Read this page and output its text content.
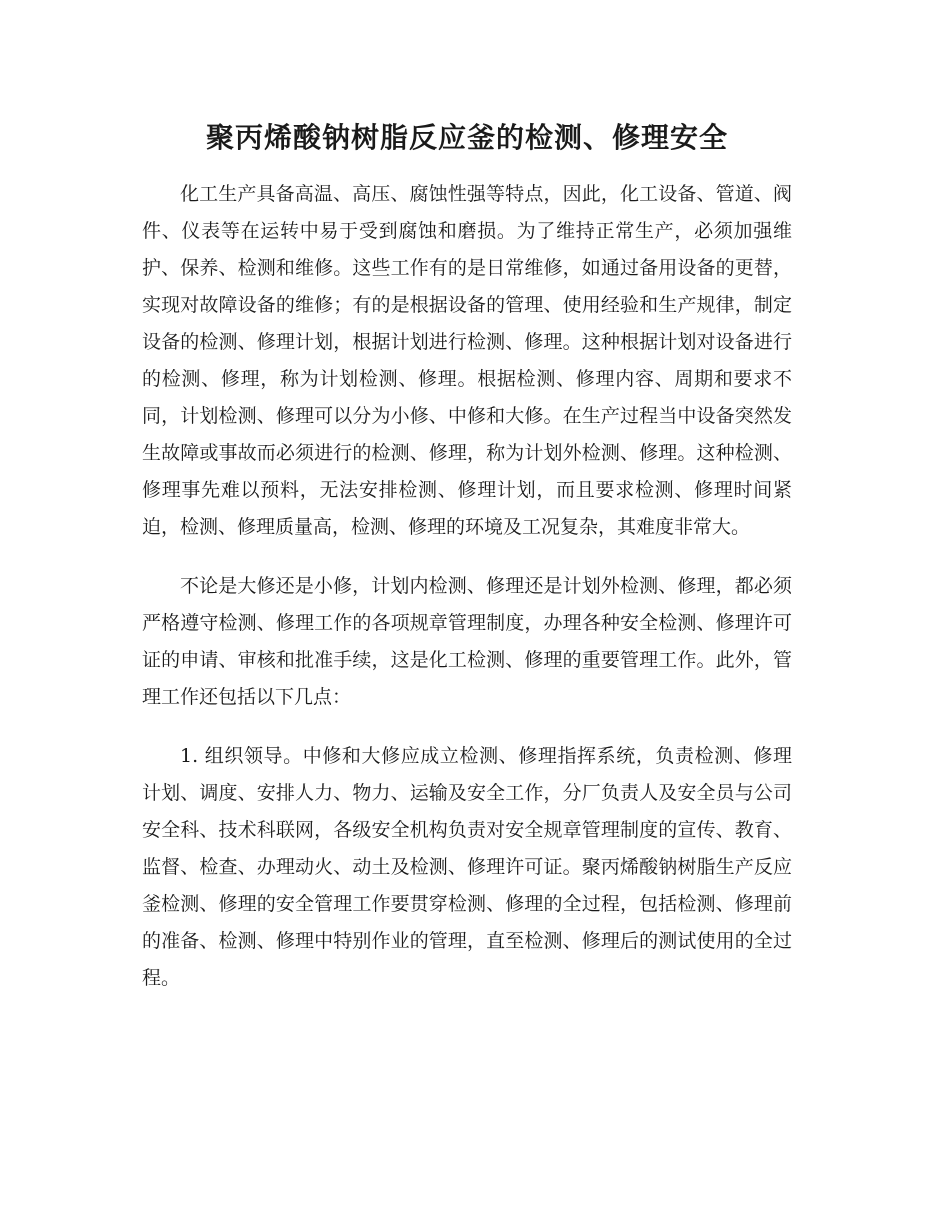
聚丙烯酸钠树脂反应釜的检测、修理安全

化工生产具备高温、高压、腐蚀性强等特点，因此，化工设备、管道、阀件、仪表等在运转中易于受到腐蚀和磨损。为了维持正常生产，必须加强维护、保养、检测和维修。这些工作有的是日常维修，如通过备用设备的更替，实现对故障设备的维修；有的是根据设备的管理、使用经验和生产规律，制定设备的检测、修理计划，根据计划进行检测、修理。这种根据计划对设备进行的检测、修理，称为计划检测、修理。根据检测、修理内容、周期和要求不同，计划检测、修理可以分为小修、中修和大修。在生产过程当中设备突然发生故障或事故而必须进行的检测、修理，称为计划外检测、修理。这种检测、修理事先难以预料，无法安排检测、修理计划，而且要求检测、修理时间紧迫，检测、修理质量高，检测、修理的环境及工况复杂，其难度非常大。

不论是大修还是小修，计划内检测、修理还是计划外检测、修理，都必须严格遵守检测、修理工作的各项规章管理制度，办理各种安全检测、修理许可证的申请、审核和批准手续，这是化工检测、修理的重要管理工作。此外，管理工作还包括以下几点：

1. 组织领导。中修和大修应成立检测、修理指挥系统，负责检测、修理计划、调度、安排人力、物力、运输及安全工作，分厂负责人及安全员与公司安全科、技术科联网，各级安全机构负责对安全规章管理制度的宣传、教育、监督、检查、办理动火、动土及检测、修理许可证。聚丙烯酸钠树脂生产反应釜检测、修理的安全管理工作要贯穿检测、修理的全过程，包括检测、修理前的准备、检测、修理中特别作业的管理，直至检测、修理后的测试使用的全过程。
